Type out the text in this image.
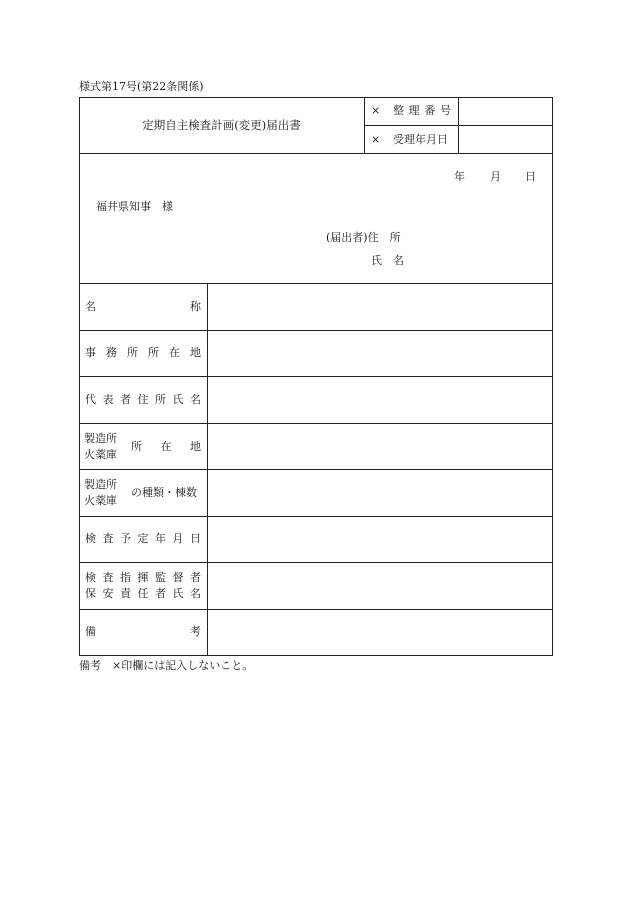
様式第17号(第22条関係)
定期自主検査計画(変更)届出書
× 整 理 番 号
× 受理年月日
年 月 日
福井県知事　様
(届出者)住　所
氏　名
名	称
事 務 所 所 在 地
代 表 者 住 所 氏 名
製造所
火薬庫
所 在 地
製造所
火薬庫
の種類・棟数
検 査 予 定 年 月 日
検 査 指 揮 監 督 者
保 安 責 任 者 氏 名
備	考
備考　×印欄には記入しないこと。
